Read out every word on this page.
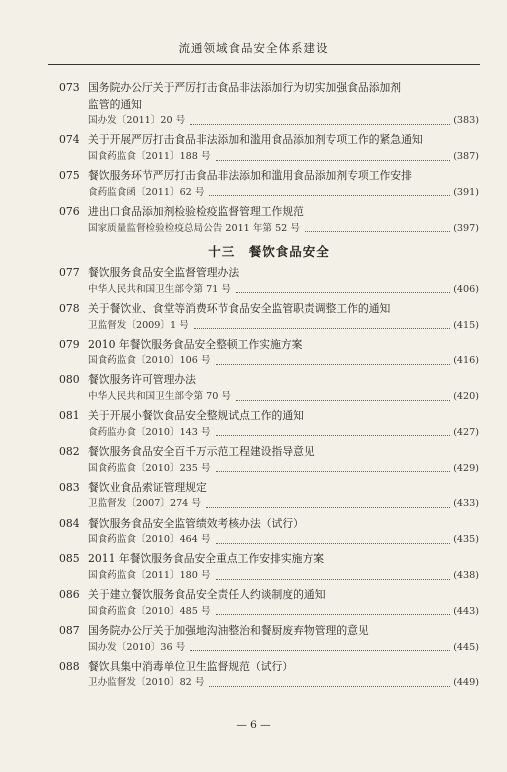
流通领域食品安全体系建设
073 国务院办公厅关于严厉打击食品非法添加行为切实加强食品添加剂
监管的通知
国办发〔2011〕20 号	(383)
074 关于开展严厉打击食品非法添加和滥用食品添加剂专项工作的紧急通知
国食药监食〔2011〕188 号	(387)
075 餐饮服务环节严厉打击食品非法添加和滥用食品添加剂专项工作安排
食药监食函〔2011〕62 号	(391)
076 进出口食品添加剂检验检疫监督管理工作规范
国家质量监督检验检疫总局公告 2011 年第 52 号	(397)
十三　餐饮食品安全
077 餐饮服务食品安全监督管理办法
中华人民共和国卫生部令第 71 号	(406)
078 关于餐饮业、食堂等消费环节食品安全监管职责调整工作的通知
卫监督发〔2009〕1 号	(415)
079 2010 年餐饮服务食品安全整顿工作实施方案
国食药监食〔2010〕106 号	(416)
080 餐饮服务许可管理办法
中华人民共和国卫生部令第 70 号	(420)
081 关于开展小餐饮食品安全整规试点工作的通知
食药监办食〔2010〕143 号	(427)
082 餐饮服务食品安全百千万示范工程建设指导意见
国食药监食〔2010〕235 号	(429)
083 餐饮业食品索证管理规定
卫监督发〔2007〕274 号	(433)
084 餐饮服务食品安全监管绩效考核办法（试行）
国食药监食〔2010〕464 号	(435)
085 2011 年餐饮服务食品安全重点工作安排实施方案
国食药监食〔2011〕180 号	(438)
086 关于建立餐饮服务食品安全责任人约谈制度的通知
国食药监食〔2010〕485 号	(443)
087 国务院办公厅关于加强地沟油整治和餐厨废弃物管理的意见
国办发〔2010〕36 号	(445)
088 餐饮具集中消毒单位卫生监督规范（试行）
卫办监督发〔2010〕82 号	(449)
— 6 —
